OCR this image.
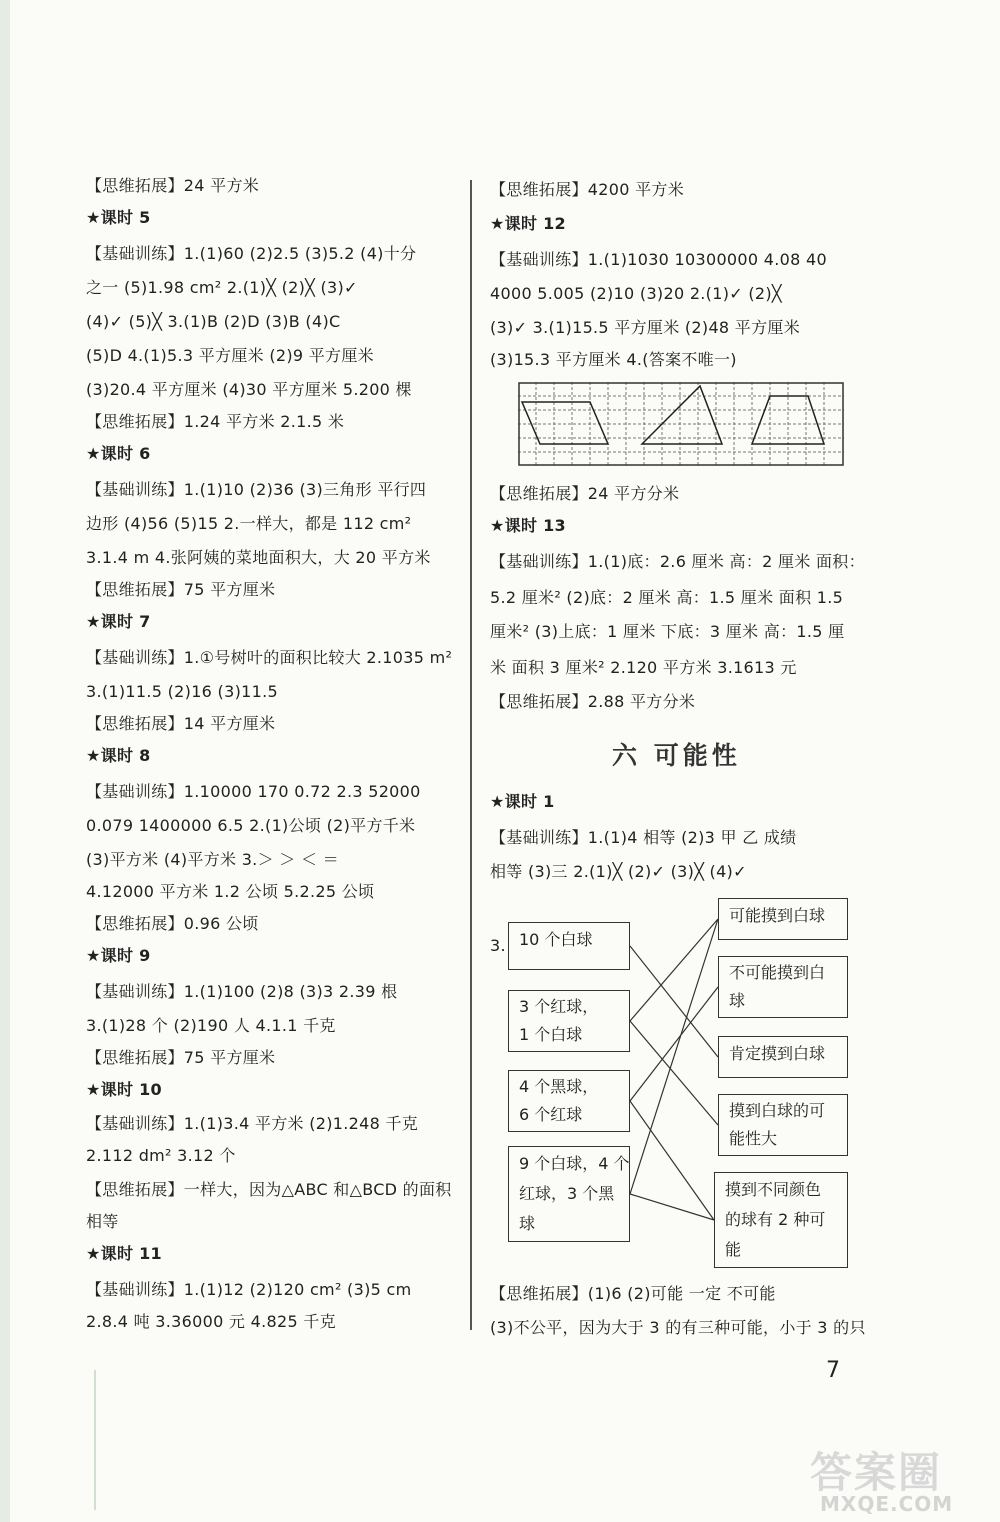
【思维拓展】24 平方米
★课时 5
【基础训练】1.(1)60 (2)2.5 (3)5.2 (4)十分
之一 (5)1.98 cm² 2.(1)╳ (2)╳ (3)✓
(4)✓ (5)╳ 3.(1)B (2)D (3)B (4)C
(5)D 4.(1)5.3 平方厘米 (2)9 平方厘米
(3)20.4 平方厘米 (4)30 平方厘米 5.200 棵
【思维拓展】1.24 平方米 2.1.5 米
★课时 6
【基础训练】1.(1)10 (2)36 (3)三角形 平行四
边形 (4)56 (5)15 2.一样大，都是 112 cm²
3.1.4 m 4.张阿姨的菜地面积大，大 20 平方米
【思维拓展】75 平方厘米
★课时 7
【基础训练】1.①号树叶的面积比较大 2.1035 m²
3.(1)11.5 (2)16 (3)11.5
【思维拓展】14 平方厘米
★课时 8
【基础训练】1.10000 170 0.72 2.3 52000
0.079 1400000 6.5 2.(1)公顷 (2)平方千米
(3)平方米 (4)平方米 3.＞ ＞ ＜ ＝
4.12000 平方米 1.2 公顷 5.2.25 公顷
【思维拓展】0.96 公顷
★课时 9
【基础训练】1.(1)100 (2)8 (3)3 2.39 根
3.(1)28 个 (2)190 人 4.1.1 千克
【思维拓展】75 平方厘米
★课时 10
【基础训练】1.(1)3.4 平方米 (2)1.248 千克
2.112 dm² 3.12 个
【思维拓展】一样大，因为△ABC 和△BCD 的面积
相等
★课时 11
【基础训练】1.(1)12 (2)120 cm² (3)5 cm
2.8.4 吨 3.36000 元 4.825 千克
【思维拓展】4200 平方米
★课时 12
【基础训练】1.(1)1030 10300000 4.08 40
4000 5.005 (2)10 (3)20 2.(1)✓ (2)╳
(3)✓ 3.(1)15.5 平方厘米 (2)48 平方厘米
(3)15.3 平方厘米 4.(答案不唯一)
【思维拓展】24 平方分米
★课时 13
【基础训练】1.(1)底：2.6 厘米 高：2 厘米 面积：
5.2 厘米² (2)底：2 厘米 高：1.5 厘米 面积 1.5
厘米² (3)上底：1 厘米 下底：3 厘米 高：1.5 厘
米 面积 3 厘米² 2.120 平方米 3.1613 元
【思维拓展】2.88 平方分米
六 可能性
★课时 1
【基础训练】1.(1)4 相等 (2)3 甲 乙 成绩
相等 (3)三 2.(1)╳ (2)✓ (3)╳ (4)✓
3. 10 个白球
3 个红球，
1 个白球
4 个黑球，
6 个红球
9 个白球，4 个
红球，3 个黑
球
可能摸到白球
不可能摸到白
球
肯定摸到白球
摸到白球的可
能性大
摸到不同颜色
的球有 2 种可
能
【思维拓展】(1)6 (2)可能 一定 不可能
(3)不公平，因为大于 3 的有三种可能，小于 3 的只
7
答案圈
MXQE.COM
